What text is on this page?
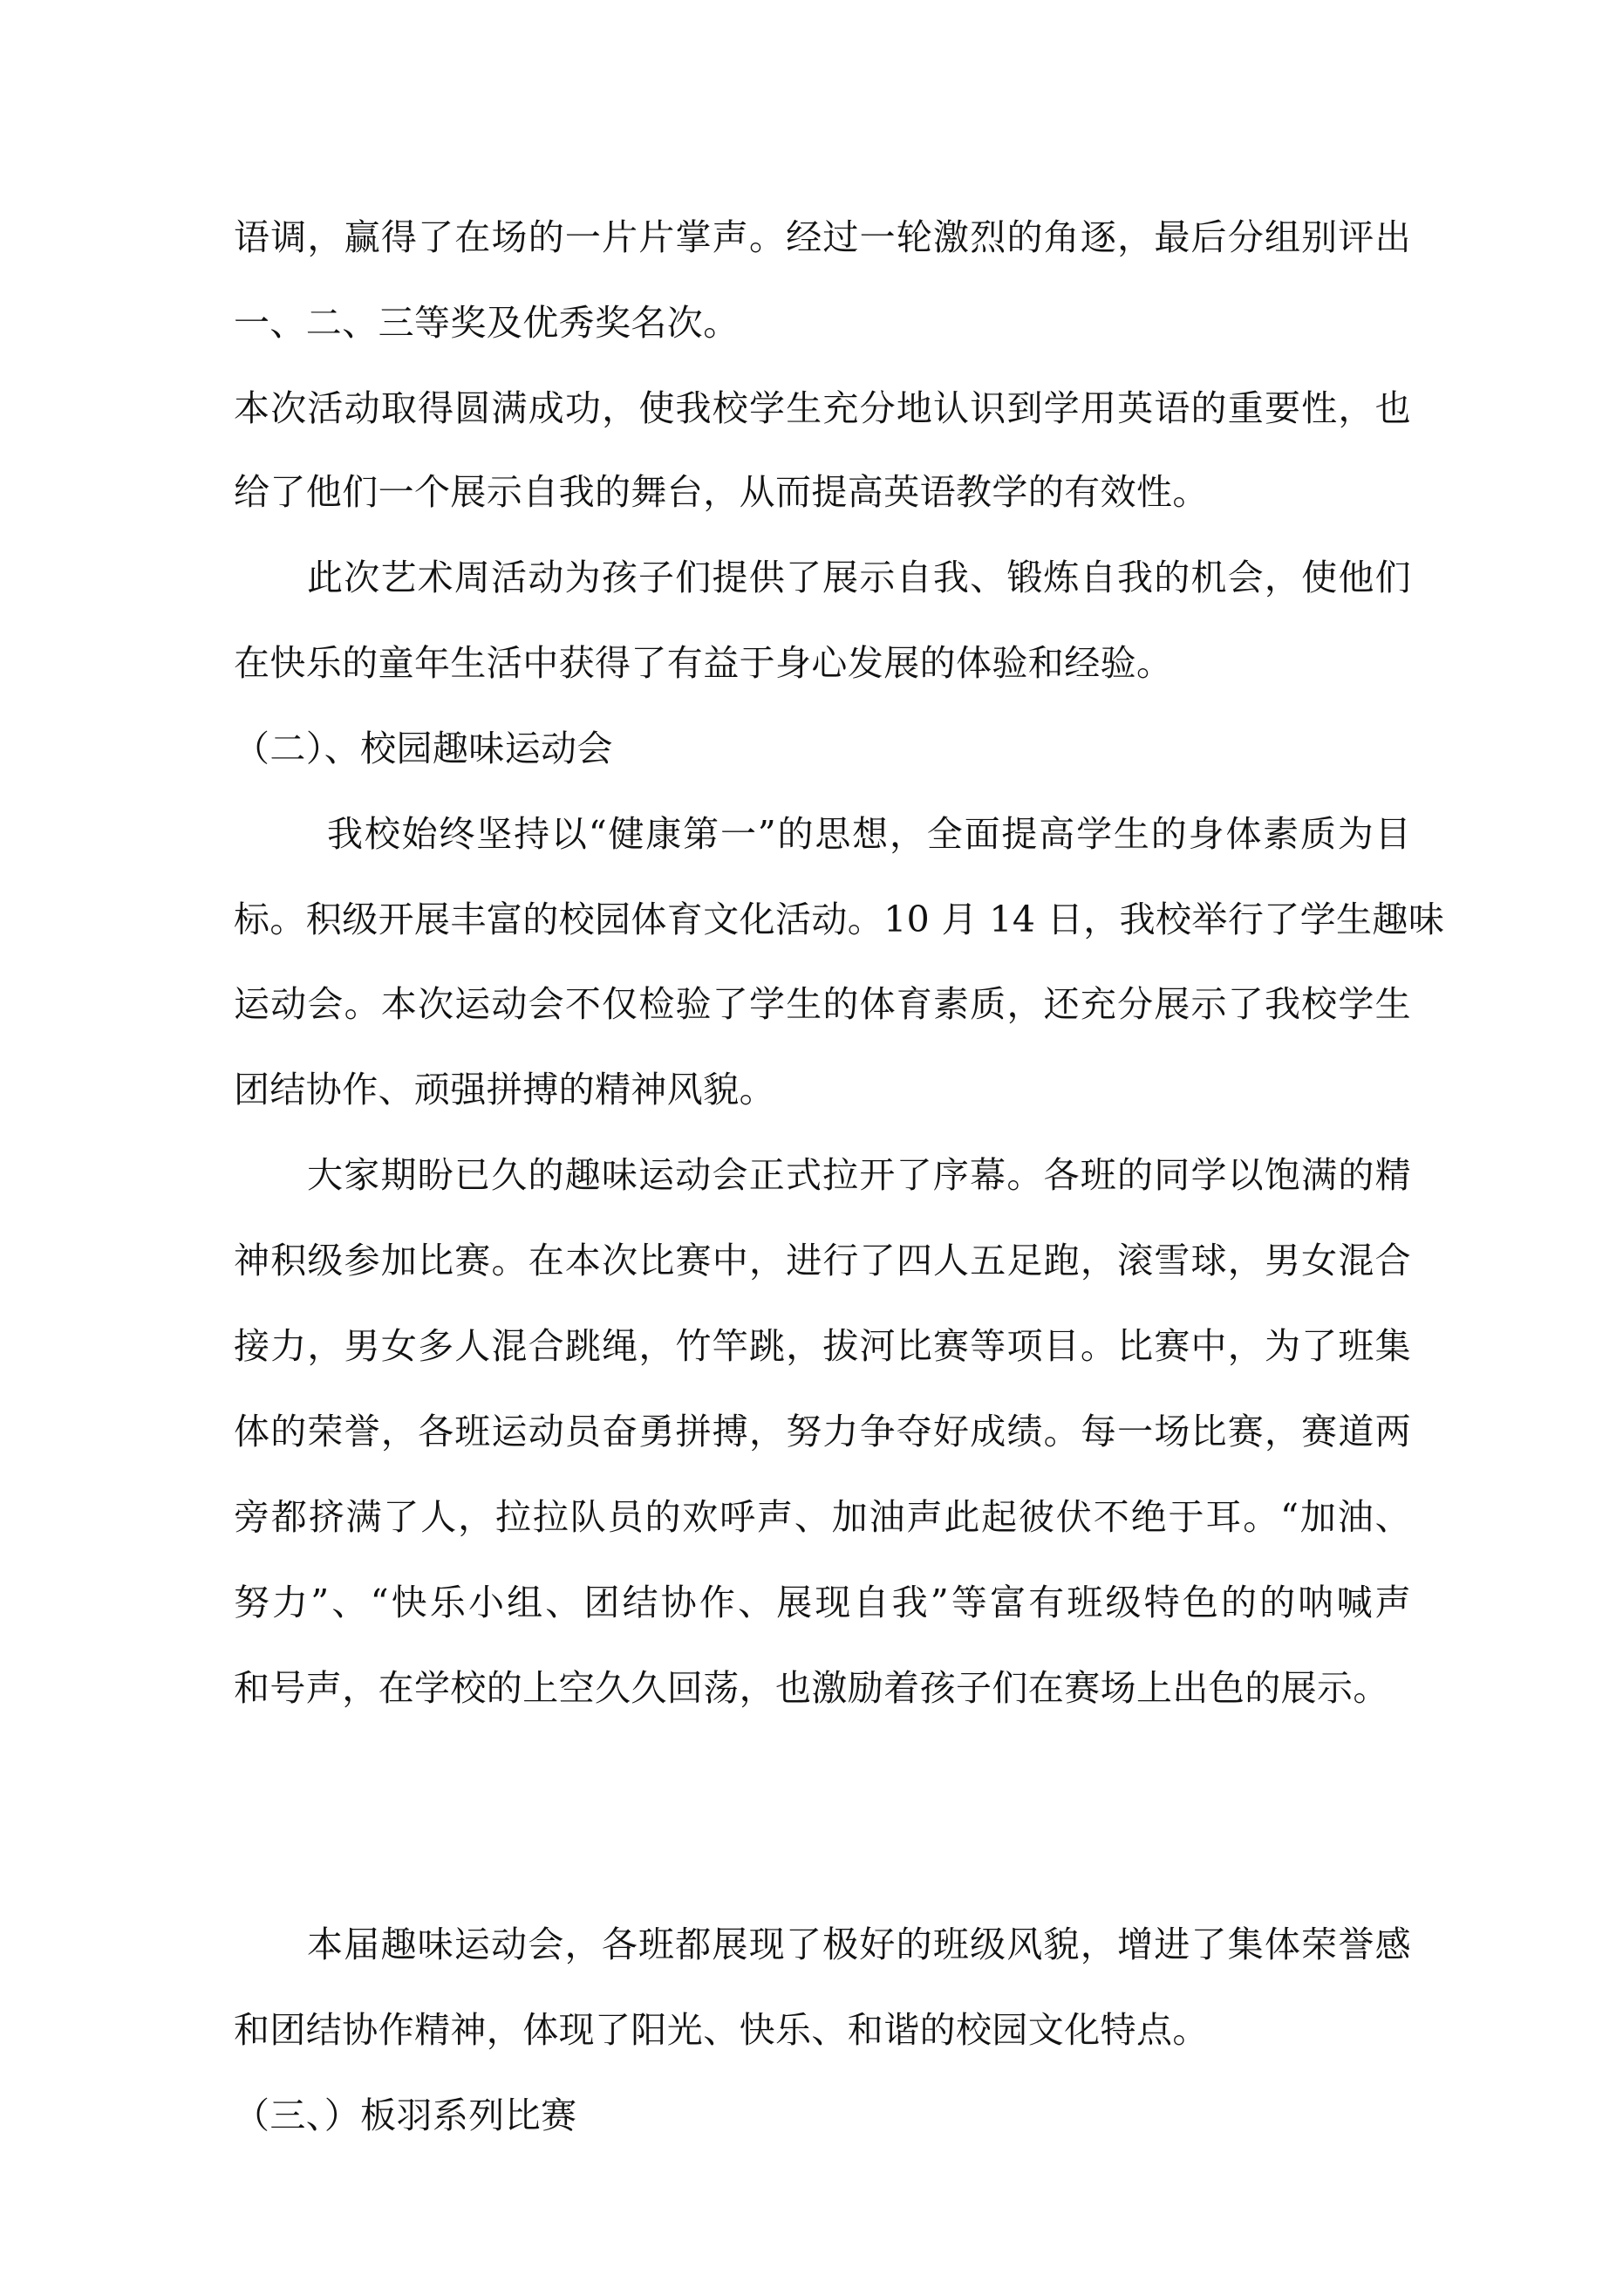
语调，赢得了在场的一片片掌声。经过一轮激烈的角逐，最后分组别评出

一、二、三等奖及优秀奖名次。

本次活动取得圆满成功，使我校学生充分地认识到学用英语的重要性，也

给了他们一个展示自我的舞台，从而提高英语教学的有效性。

此次艺术周活动为孩子们提供了展示自我、锻炼自我的机会，使他们

在快乐的童年生活中获得了有益于身心发展的体验和经验。

（二）、校园趣味运动会

我校始终坚持以“健康第一”的思想，全面提高学生的身体素质为目

标。积级开展丰富的校园体育文化活动。10 月 14 日，我校举行了学生趣味

运动会。本次运动会不仅检验了学生的体育素质，还充分展示了我校学生

团结协作、顽强拼搏的精神风貌。

大家期盼已久的趣味运动会正式拉开了序幕。各班的同学以饱满的精

神积级参加比赛。在本次比赛中，进行了四人五足跑，滚雪球，男女混合

接力，男女多人混合跳绳，竹竿跳，拔河比赛等项目。比赛中，为了班集

体的荣誉，各班运动员奋勇拼搏，努力争夺好成绩。每一场比赛，赛道两

旁都挤满了人，拉拉队员的欢呼声、加油声此起彼伏不绝于耳。“加油、

努力”、“快乐小组、团结协作、展现自我”等富有班级特色的的呐喊声

和号声，在学校的上空久久回荡，也激励着孩子们在赛场上出色的展示。

本届趣味运动会，各班都展现了极好的班级风貌，增进了集体荣誉感

和团结协作精神，体现了阳光、快乐、和谐的校园文化特点。

（三、）板羽系列比赛
